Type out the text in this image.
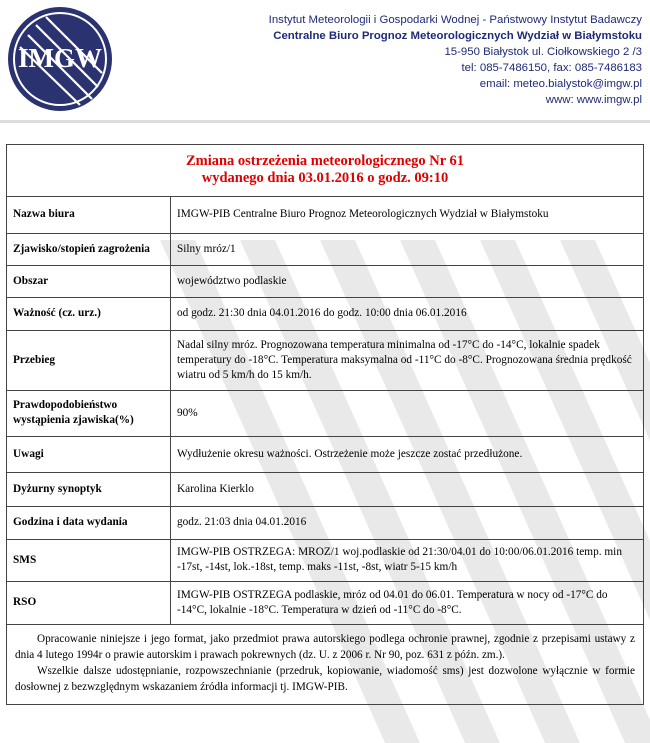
IMGW
Instytut Meteorologii i Gospodarki Wodnej - Państwowy Instytut Badawczy
Centralne Biuro Prognoz Meteorologicznych Wydział w Białymstoku
15-950 Białystok ul. Ciołkowskiego 2 /3
tel: 085-7486150, fax: 085-7486183
email: meteo.bialystok@imgw.pl
www: www.imgw.pl
Zmiana ostrzeżenia meteorologicznego Nr 61
wydanego dnia 03.01.2016 o godz. 09:10
Nazwa biura	IMGW-PIB Centralne Biuro Prognoz Meteorologicznych Wydział w Białymstoku
Zjawisko/stopień zagrożenia	Silny mróz/1
Obszar	województwo podlaskie
Ważność (cz. urz.)	od godz. 21:30 dnia 04.01.2016 do godz. 10:00 dnia 06.01.2016
Przebieg	Nadal silny mróz. Prognozowana temperatura minimalna od -17°C do -14°C, lokalnie spadek temperatury do -18°C. Temperatura maksymalna od -11°C do -8°C. Prognozowana średnia prędkość wiatru od 5 km/h do 15 km/h.
Prawdopodobieństwo wystąpienia zjawiska(%)	90%
Uwagi	Wydłużenie okresu ważności. Ostrzeżenie może jeszcze zostać przedłużone.
Dyżurny synoptyk	Karolina Kierklo
Godzina i data wydania	godz. 21:03 dnia 04.01.2016
SMS	IMGW-PIB OSTRZEGA: MROZ/1 woj.podlaskie od 21:30/04.01 do 10:00/06.01.2016 temp. min -17st, -14st, lok.-18st, temp. maks -11st, -8st, wiatr 5-15 km/h
RSO	IMGW-PIB OSTRZEGA podlaskie, mróz od 04.01 do 06.01. Temperatura w nocy od -17°C do -14°C, lokalnie -18°C. Temperatura w dzień od -11°C do -8°C.

Opracowanie niniejsze i jego format, jako przedmiot prawa autorskiego podlega ochronie prawnej, zgodnie z przepisami ustawy z dnia 4 lutego 1994r o prawie autorskim i prawach pokrewnych (dz. U. z 2006 r. Nr 90, poz. 631 z późn. zm.).

Wszelkie dalsze udostępnianie, rozpowszechnianie (przedruk, kopiowanie, wiadomość sms) jest dozwolone wyłącznie w formie dosłownej z bezwzględnym wskazaniem źródła informacji tj. IMGW-PIB.
